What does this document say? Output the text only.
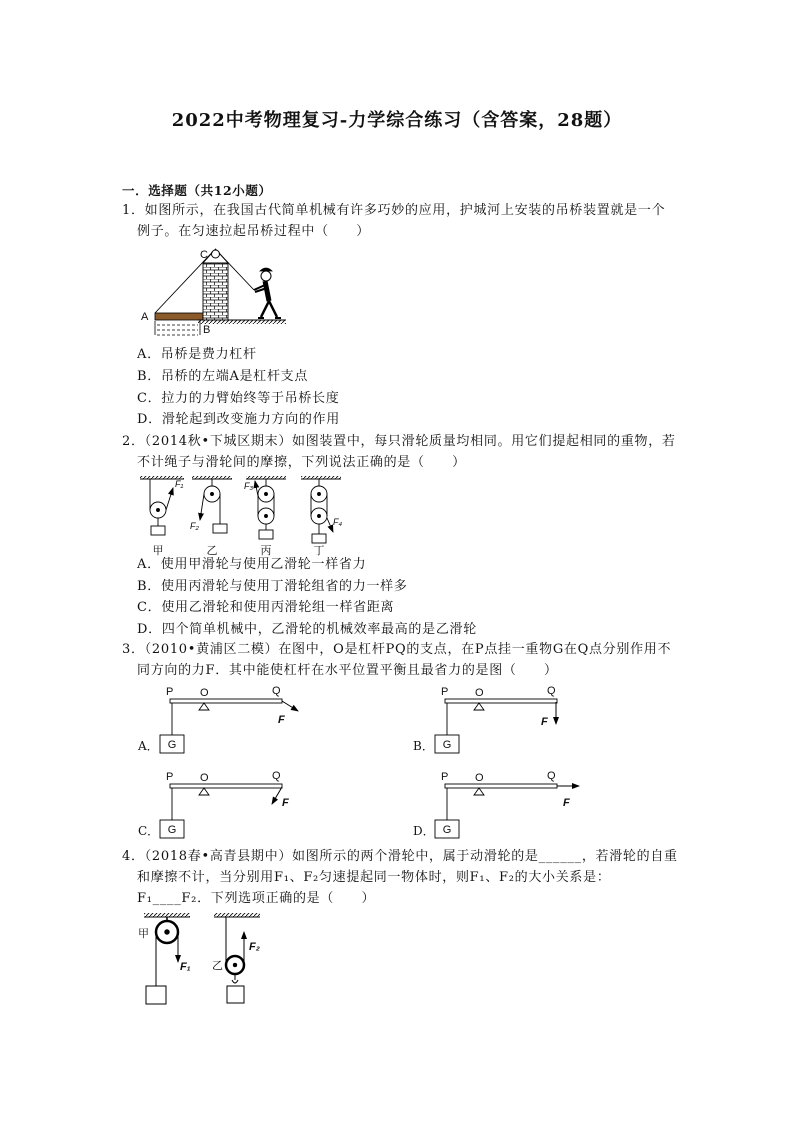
2022中考物理复习-力学综合练习（含答案，28题）
一．选择题（共12小题）
1．如图所示，在我国古代简单机械有许多巧妙的应用，护城河上安装的吊桥装置就是一个
例子。在匀速拉起吊桥过程中（　　）
A
B
C
A．吊桥是费力杠杆
B．吊桥的左端A是杠杆支点
C．拉力的力臂始终等于吊桥长度
D．滑轮起到改变施力方向的作用
2．（2014秋•下城区期末）如图装置中，每只滑轮质量均相同。用它们提起相同的重物，若
不计绳子与滑轮间的摩擦，下列说法正确的是（　　）
F₁
F₂
F₃
F₄
甲	乙	丙	丁
A．使用甲滑轮与使用乙滑轮一样省力
B．使用丙滑轮与使用丁滑轮组省的力一样多
C．使用乙滑轮和使用丙滑轮组一样省距离
D．四个简单机械中，乙滑轮的机械效率最高的是乙滑轮
3．（2010•黄浦区二模）在图中，O是杠杆PQ的支点，在P点挂一重物G在Q点分别作用不
同方向的力F．其中能使杠杆在水平位置平衡且最省力的是图（　　）
P O	Q
F
G
A．
P O	Q
F
G
B．
P O	Q
F
G
C．
P O	Q
F
G
D．
4．（2018春•高青县期中）如图所示的两个滑轮中，属于动滑轮的是______，若滑轮的自重
和摩擦不计，当分别用F₁、F₂匀速提起同一物体时，则F₁、F₂的大小关系是：
F₁____F₂．下列选项正确的是（　　）
甲
F₁ 乙
F₂
